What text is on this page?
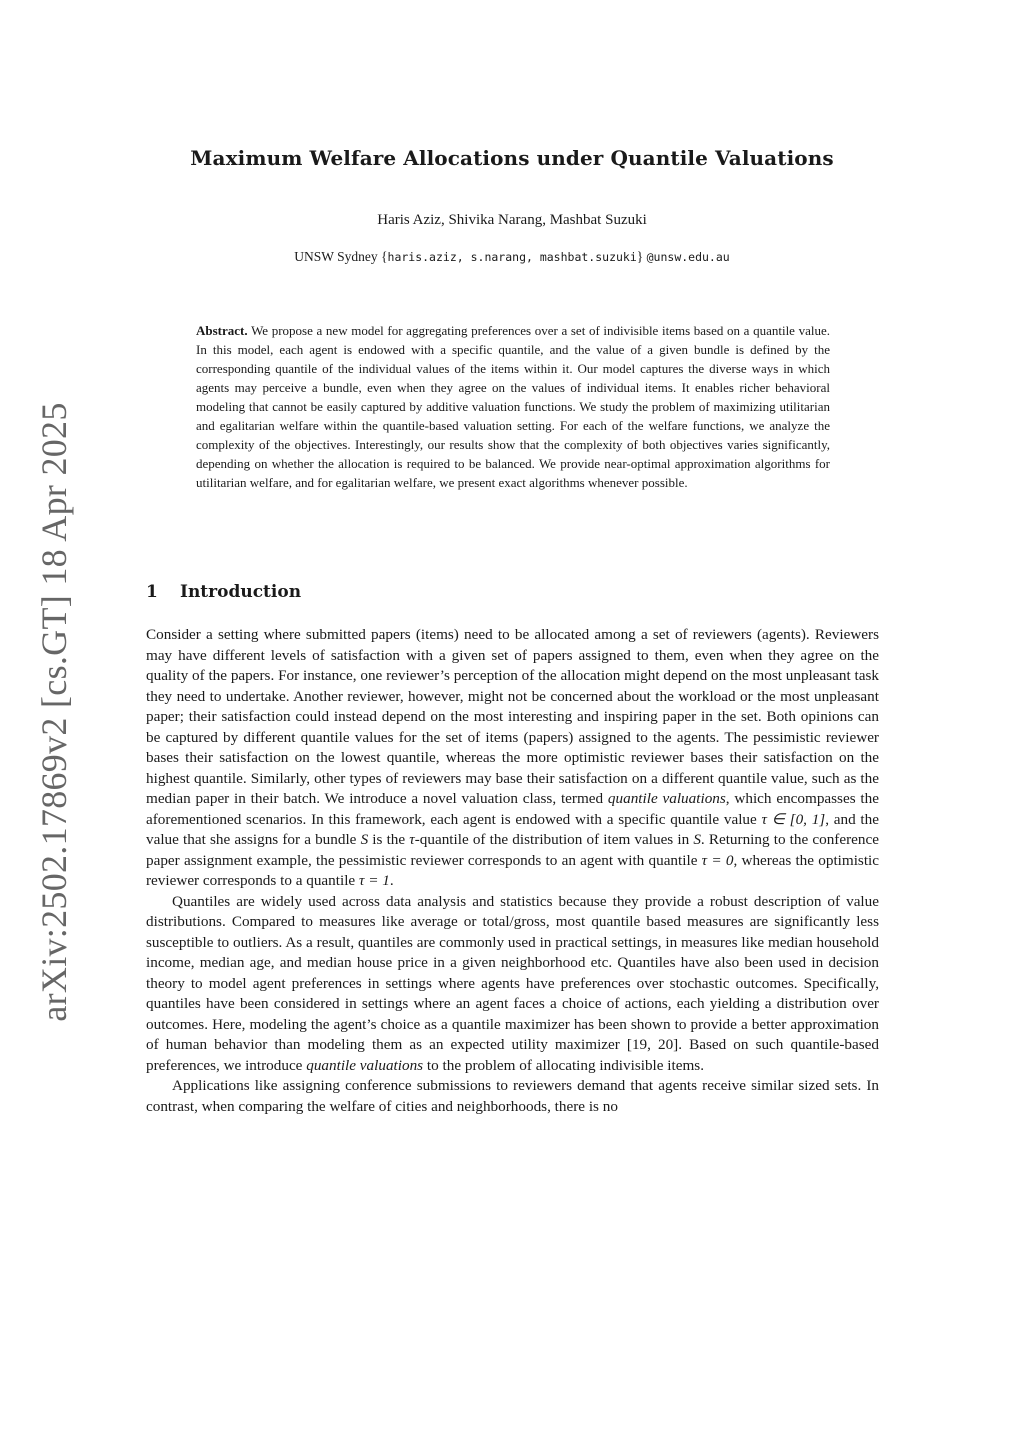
arXiv:2502.17869v2 [cs.GT] 18 Apr 2025
Maximum Welfare Allocations under Quantile Valuations
Haris Aziz, Shivika Narang, Mashbat Suzuki
UNSW Sydney {haris.aziz, s.narang, mashbat.suzuki} @unsw.edu.au

Abstract. We propose a new model for aggregating preferences over a set of indivisible items based on a quantile value. In this model, each agent is endowed with a specific quantile, and the value of a given bundle is defined by the corresponding quantile of the individual values of the items within it. Our model captures the diverse ways in which agents may perceive a bundle, even when they agree on the values of individual items. It enables richer behavioral modeling that cannot be easily captured by additive valuation functions. We study the problem of maximizing utilitarian and egalitarian welfare within the quantile-based valuation setting. For each of the welfare functions, we analyze the complexity of the objectives. Interestingly, our results show that the complexity of both objectives varies significantly, depending on whether the allocation is required to be balanced. We provide near-optimal approximation algorithms for utilitarian welfare, and for egalitarian welfare, we present exact algorithms whenever possible.

1 Introduction

Consider a setting where submitted papers (items) need to be allocated among a set of reviewers (agents). Reviewers may have different levels of satisfaction with a given set of papers assigned to them, even when they agree on the quality of the papers. For instance, one reviewer’s perception of the allocation might depend on the most unpleasant task they need to undertake. Another reviewer, however, might not be concerned about the workload or the most unpleasant paper; their satisfaction could instead depend on the most interesting and inspiring paper in the set. Both opinions can be captured by different quantile values for the set of items (papers) assigned to the agents. The pessimistic reviewer bases their satisfaction on the lowest quantile, whereas the more optimistic reviewer bases their satisfaction on the highest quantile. Similarly, other types of reviewers may base their satisfaction on a different quantile value, such as the median paper in their batch. We introduce a novel valuation class, termed quantile valuations, which encompasses the aforementioned scenarios. In this framework, each agent is endowed with a specific quantile value τ ∈ [0, 1], and the value that she assigns for a bundle S is the τ-quantile of the distribution of item values in S. Returning to the conference paper assignment example, the pessimistic reviewer corresponds to an agent with quantile τ = 0, whereas the optimistic reviewer corresponds to a quantile τ = 1.

Quantiles are widely used across data analysis and statistics because they provide a robust description of value distributions. Compared to measures like average or total/gross, most quantile based measures are significantly less susceptible to outliers. As a result, quantiles are commonly used in practical settings, in measures like median household income, median age, and median house price in a given neighborhood etc. Quantiles have also been used in decision theory to model agent preferences in settings where agents have preferences over stochastic outcomes. Specifically, quantiles have been considered in settings where an agent faces a choice of actions, each yielding a distribution over outcomes. Here, modeling the agent’s choice as a quantile maximizer has been shown to provide a better approximation of human behavior than modeling them as an expected utility maximizer [19, 20]. Based on such quantile-based preferences, we introduce quantile valuations to the problem of allocating indivisible items.

Applications like assigning conference submissions to reviewers demand that agents receive similar sized sets. In contrast, when comparing the welfare of cities and neighborhoods, there is no
